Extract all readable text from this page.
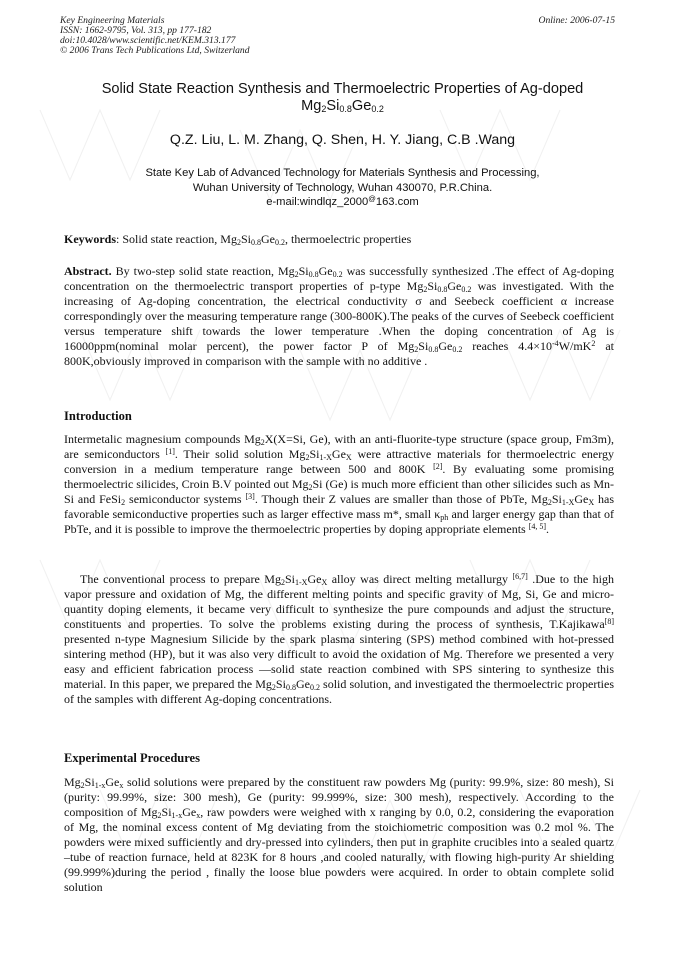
Key Engineering Materials
ISSN: 1662-9795, Vol. 313, pp 177-182
doi:10.4028/www.scientific.net/KEM.313.177
© 2006 Trans Tech Publications Ltd, Switzerland
Online: 2006-07-15
Solid State Reaction Synthesis and Thermoelectric Properties of Ag-doped
$Mg_2Si_{0.8}Ge_{0.2}$
Q.Z. Liu, L. M. Zhang, Q. Shen, H. Y. Jiang, C.B .Wang
State Key Lab of Advanced Technology for Materials Synthesis and Processing,
Wuhan University of Technology, Wuhan 430070, P.R.China.
e-mail:windlqz_2000@163.com
Keywords: Solid state reaction, $Mg_2Si_{0.8}Ge_{0.2}$, thermoelectric properties
Abstract. By two-step solid state reaction, $Mg_2Si_{0.8}Ge_{0.2}$ was successfully synthesized .The effect of Ag-doping concentration on the thermoelectric transport properties of p-type $Mg_2Si_{0.8}Ge_{0.2}$ was investigated. With the increasing of Ag-doping concentration, the electrical conductivity σ and Seebeck coefficient α increase correspondingly over the measuring temperature range (300-800K).The peaks of the curves of Seebeck coefficient versus temperature shift towards the lower temperature .When the doping concentration of Ag is 16000ppm(nominal molar percent), the power factor P of $Mg_2Si_{0.8}Ge_{0.2}$ reaches $4.4\times 10^{-4}W/mK^2$ at 800K,obviously improved in comparison with the sample with no additive .
Introduction
Intermetalic magnesium compounds $Mg_2X(X=Si$, Ge), with an anti-fluorite-type structure (space group, Fm3m), are semiconductors [1]. Their solid solution $Mg_2Si_{1-X}Ge_X$ were attractive materials for thermoelectric energy conversion in a medium temperature range between 500 and 800K [2]. By evaluating some promising thermoelectric silicides, Croin B.V pointed out $Mg_2Si$ (Ge) is much more efficient than other silicides such as Mn-Si and FeSi$_2$ semiconductor systems [3]. Though their Z values are smaller than those of PbTe, $Mg_2Si_{1-X}Ge_X$ has favorable semiconductive properties such as larger effective mass m*, small $\kappa_{ph}$ and larger energy gap than that of PbTe, and it is possible to improve the thermoelectric properties by doping appropriate elements [4, 5].
The conventional process to prepare $Mg_2Si_{1-X}Ge_X$ alloy was direct melting metallurgy [6,7] .Due to the high vapor pressure and oxidation of Mg, the different melting points and specific gravity of Mg, Si, Ge and micro-quantity doping elements, it became very difficult to synthesize the pure compounds and adjust the structure, constituents and properties. To solve the problems existing during the process of synthesis, T.Kajikawa[8] presented n-type Magnesium Silicide by the spark plasma sintering (SPS) method combined with hot-pressed sintering method (HP), but it was also very difficult to avoid the oxidation of Mg. Therefore we presented a very easy and efficient fabrication process —solid state reaction combined with SPS sintering to synthesize this material. In this paper, we prepared the $Mg_2Si_{0.8}Ge_{0.2}$ solid solution, and investigated the thermoelectric properties of the samples with different Ag-doping concentrations.
Experimental Procedures
$Mg_2Si_{1-x}Ge_x$ solid solutions were prepared by the constituent raw powders Mg (purity: 99.9%, size: 80 mesh), Si (purity: 99.99%, size: 300 mesh), Ge (purity: 99.999%, size: 300 mesh), respectively. According to the composition of $Mg_2Si_{1-x}Ge_x$, raw powders were weighed with x ranging by 0.0, 0.2, considering the evaporation of Mg, the nominal excess content of Mg deviating from the stoichiometric composition was 0.2 mol %. The powders were mixed sufficiently and dry-pressed into cylinders, then put in graphite crucibles into a sealed quartz –tube of reaction furnace, held at 823K for 8 hours ,and cooled naturally, with flowing high-purity Ar shielding (99.999%)during the period , finally the loose blue powders were acquired. In order to obtain complete solid solution
